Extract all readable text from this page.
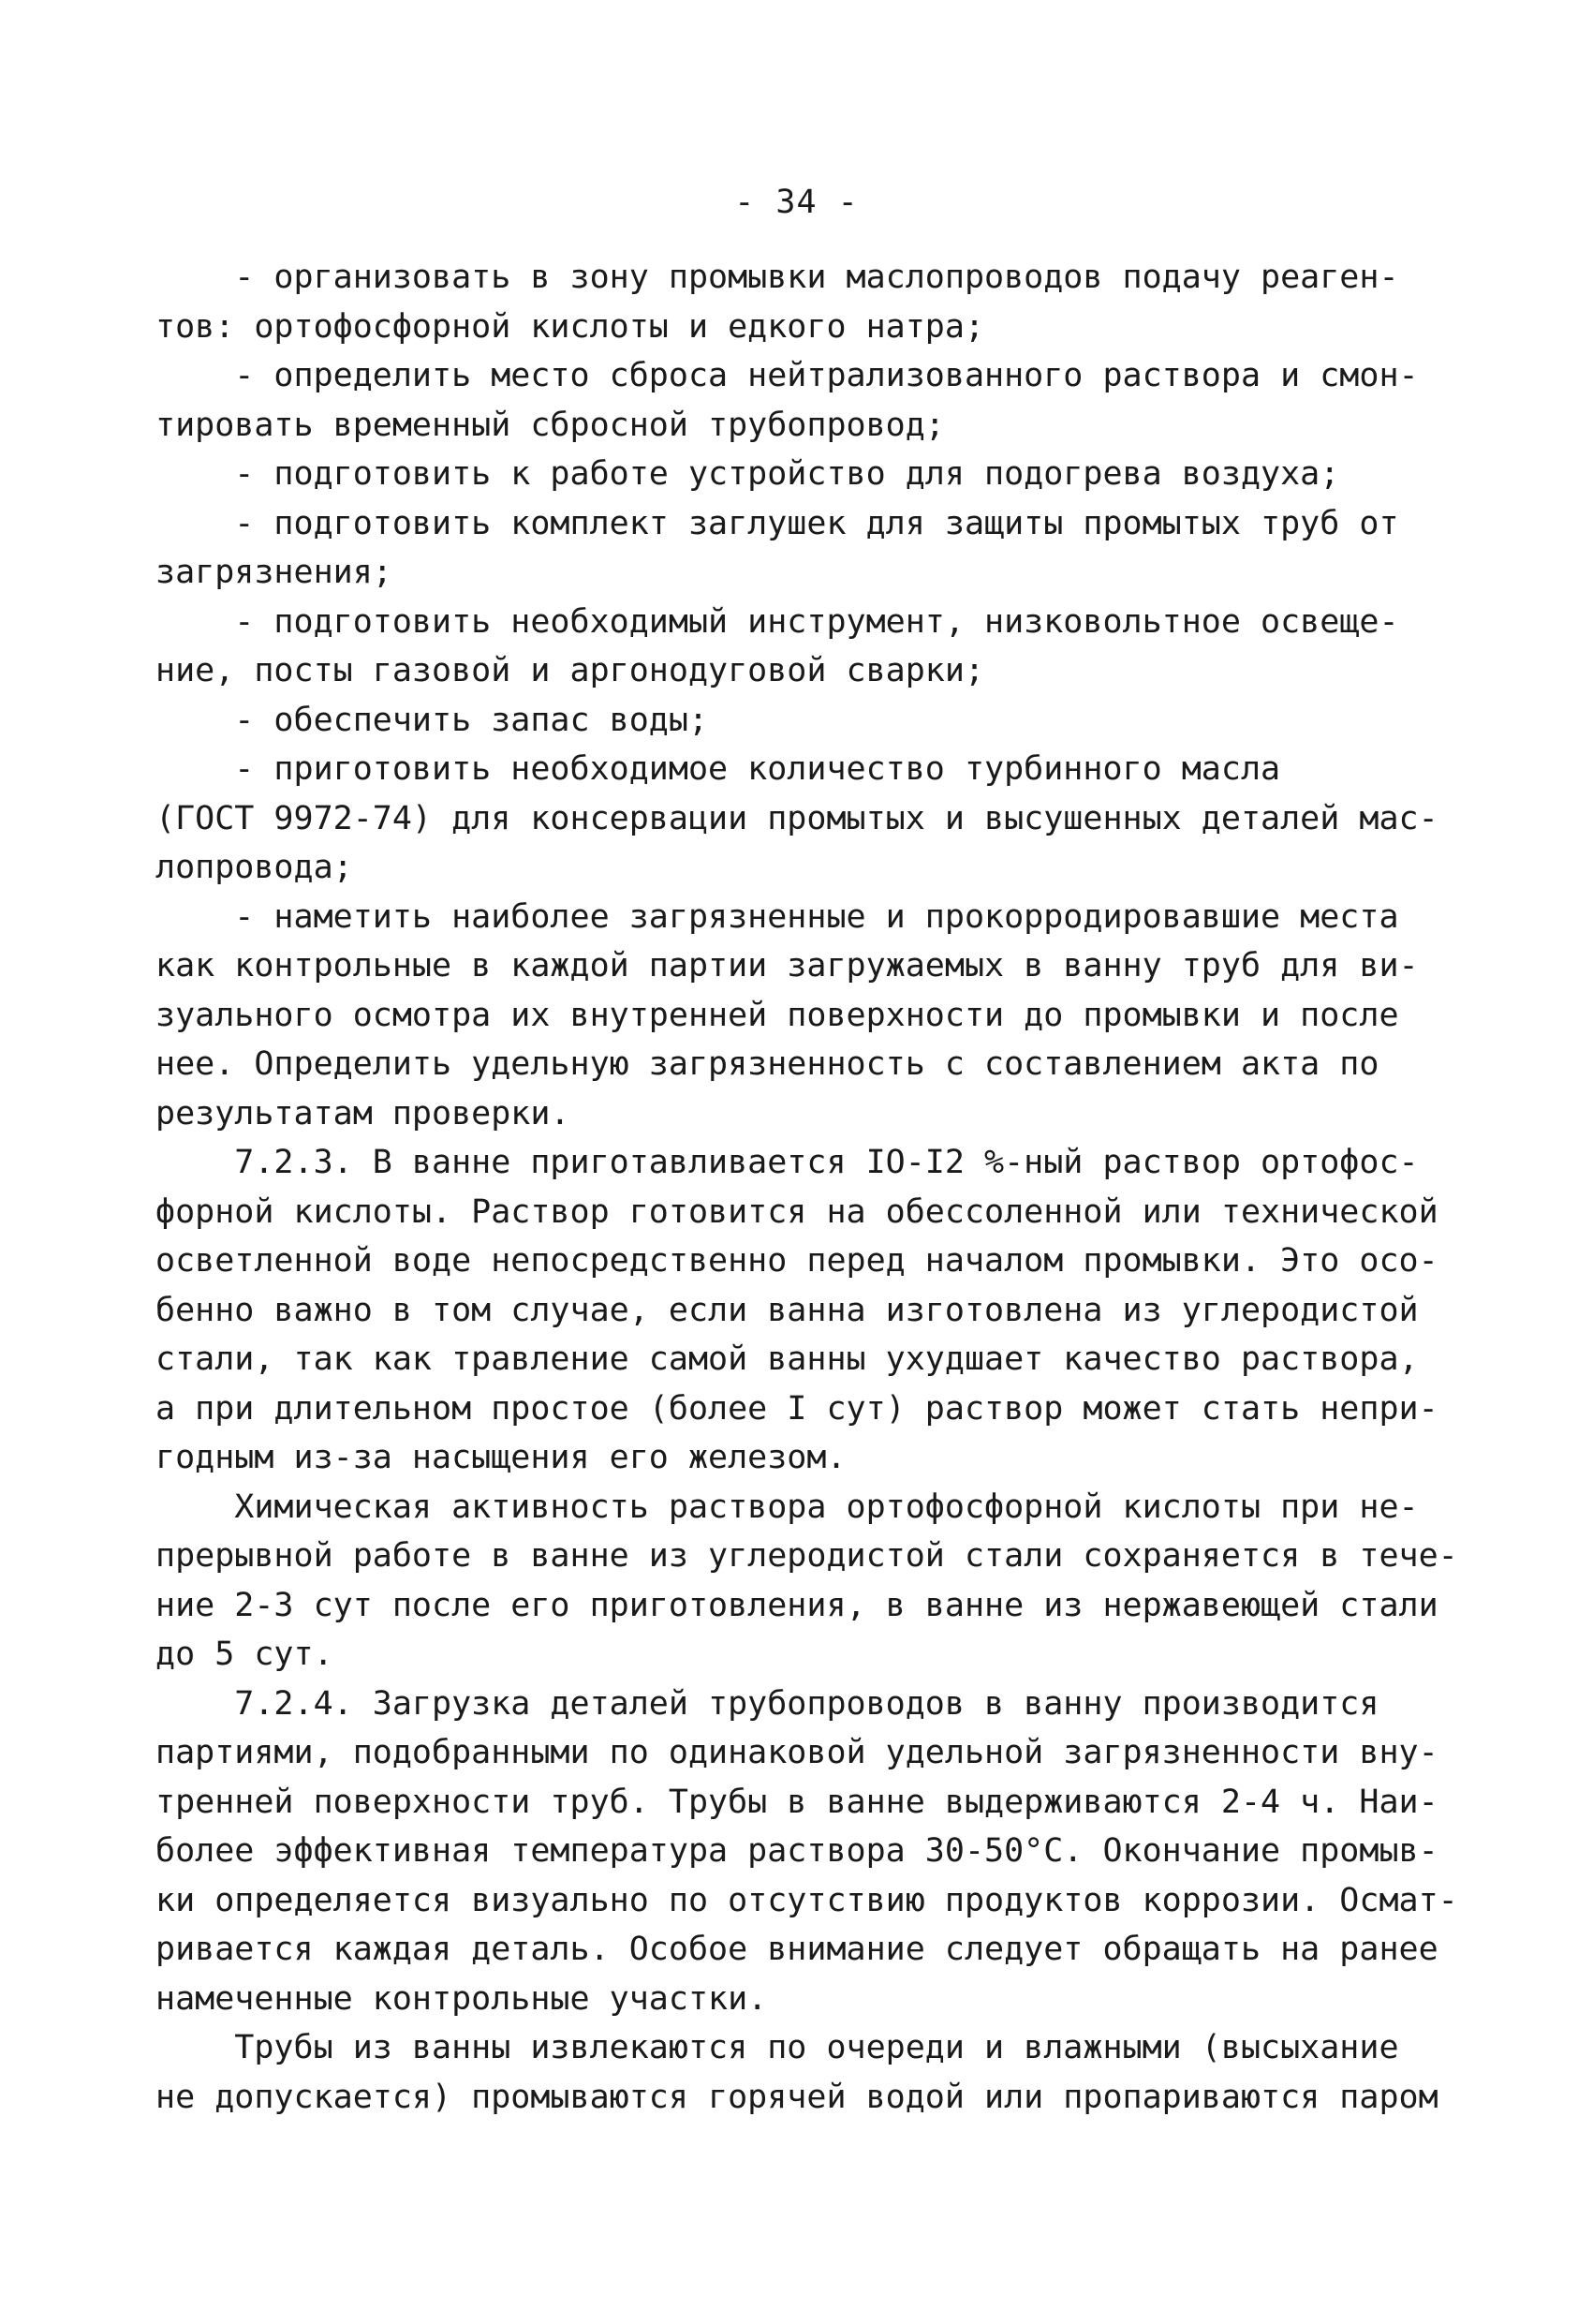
- 34 -
- организовать в зону промывки маслопроводов подачу реаген-
тов: ортофосфорной кислоты и едкого натра;
- определить место сброса нейтрализованного раствора и смон-
тировать временный сбросной трубопровод;
- подготовить к работе устройство для подогрева воздуха;
- подготовить комплект заглушек для защиты промытых труб от
загрязнения;
- подготовить необходимый инструмент, низковольтное освеще-
ние, посты газовой и аргонодуговой сварки;
- обеспечить запас воды;
- приготовить необходимое количество турбинного масла
(ГОСТ 9972-74) для консервации промытых и высушенных деталей мас-
лопровода;
- наметить наиболее загрязненные и прокорродировавшие места
как контрольные в каждой партии загружаемых в ванну труб для ви-
зуального осмотра их внутренней поверхности до промывки и после
нее. Определить удельную загрязненность с составлением акта по
результатам проверки.
7.2.3. В ванне приготавливается IO-I2 %-ный раствор ортофос-
форной кислоты. Раствор готовится на обессоленной или технической
осветленной воде непосредственно перед началом промывки. Это осо-
бенно важно в том случае, если ванна изготовлена из углеродистой
стали, так как травление самой ванны ухудшает качество раствора,
а при длительном простое (более I сут) раствор может стать непри-
годным из-за насыщения его железом.
Химическая активность раствора ортофосфорной кислоты при не-
прерывной работе в ванне из углеродистой стали сохраняется в тече-
ние 2-3 сут после его приготовления, в ванне из нержавеющей стали
до 5 сут.
7.2.4. Загрузка деталей трубопроводов в ванну производится
партиями, подобранными по одинаковой удельной загрязненности вну-
тренней поверхности труб. Трубы в ванне выдерживаются 2-4 ч. Наи-
более эффективная температура раствора 30-50°С. Окончание промыв-
ки определяется визуально по отсутствию продуктов коррозии. Осмат-
ривается каждая деталь. Особое внимание следует обращать на ранее
намеченные контрольные участки.
Трубы из ванны извлекаются по очереди и влажными (высыхание
не допускается) промываются горячей водой или пропариваются паром
